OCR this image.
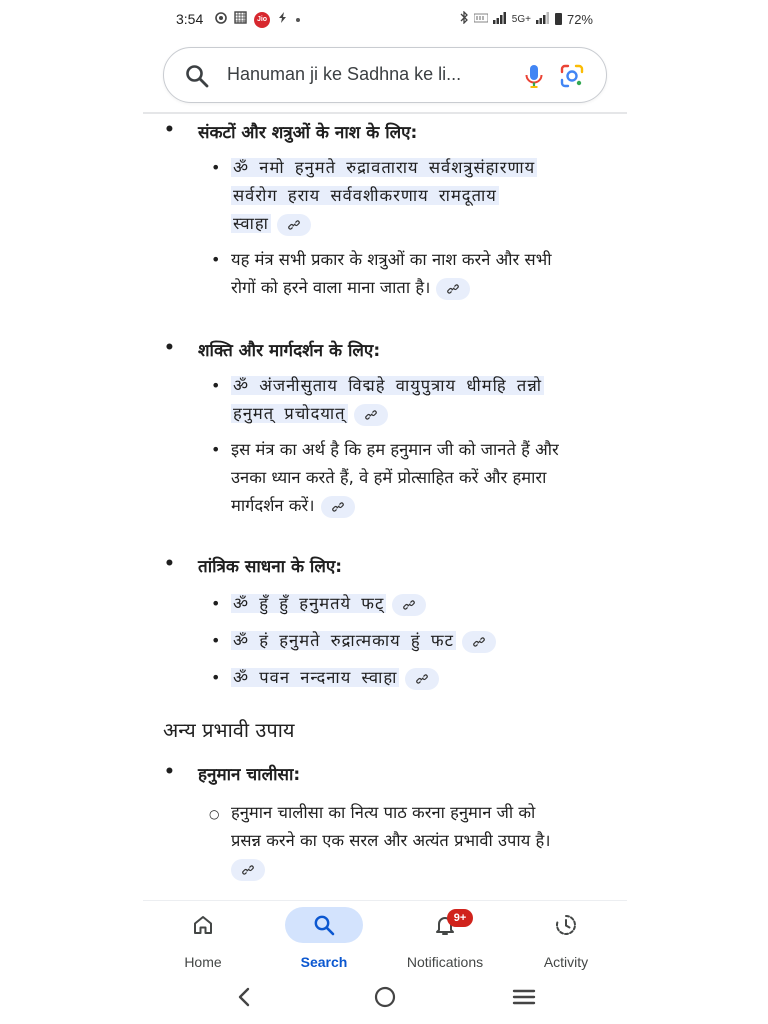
3:54	Jio	5G+	72%
Hanuman ji ke Sadhna ke li...
• संकटों और शत्रुओं के नाश के लिए:
• ॐ नमो हनुमते रुद्रावताराय सर्वशत्रुसंहारणाय
सर्वरोग हराय सर्ववशीकरणाय रामदूताय
स्वाहा
• यह मंत्र सभी प्रकार के शत्रुओं का नाश करने और सभी
रोगों को हरने वाला माना जाता है।
• शक्ति और मार्गदर्शन के लिए:
• ॐ अंजनीसुताय विद्महे वायुपुत्राय धीमहि तन्नो
हनुमत् प्रचोदयात्
• इस मंत्र का अर्थ है कि हम हनुमान जी को जानते हैं और
उनका ध्यान करते हैं, वे हमें प्रोत्साहित करें और हमारा
मार्गदर्शन करें।
• तांत्रिक साधना के लिए:
• ॐ हुँ हुँ हनुमतये फट्
• ॐ हं हनुमते रुद्रात्मकाय हुं फट
• ॐ पवन नन्दनाय स्वाहा
अन्य प्रभावी उपाय
• हनुमान चालीसा:
○ हनुमान चालीसा का नित्य पाठ करना हनुमान जी को
प्रसन्न करने का एक सरल और अत्यंत प्रभावी उपाय है।

Home	Search
9+
Notifications	Activity
